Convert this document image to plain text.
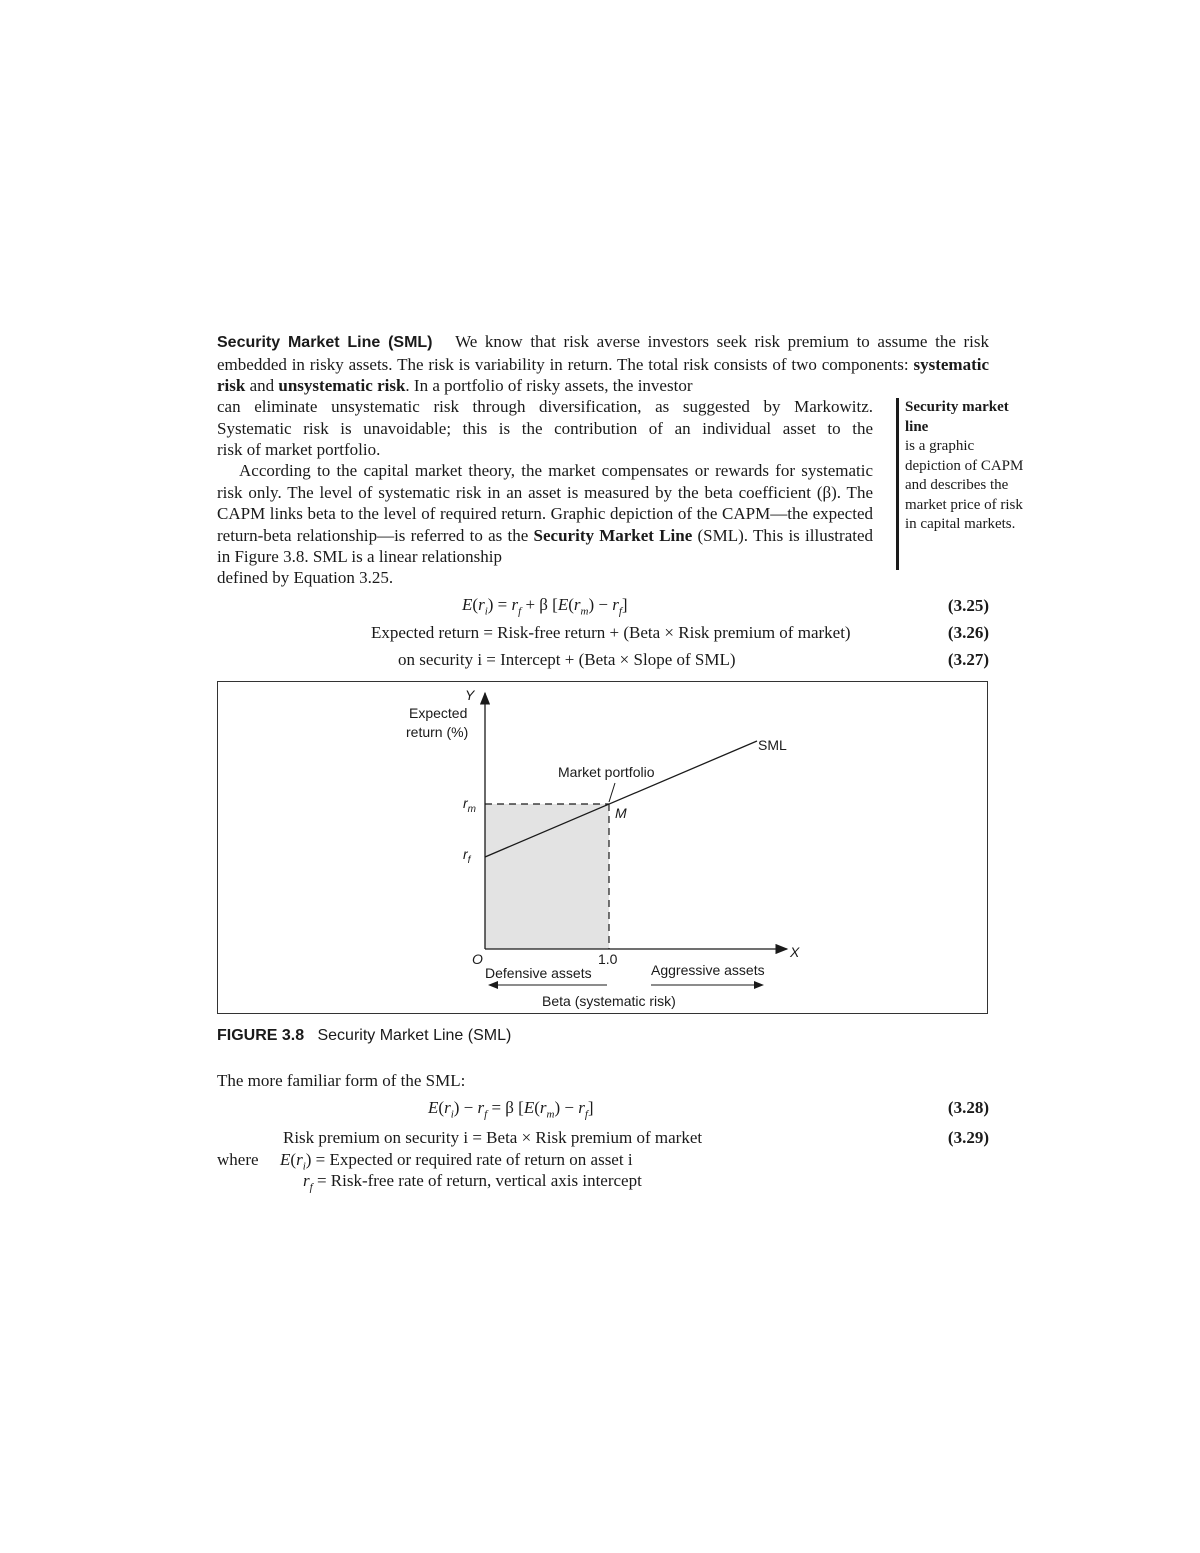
Security Market Line (SML) We know that risk averse investors seek risk premium to assume the risk embedded in risky assets. The risk is variability in return. The total risk consists of two components: systematic risk and unsystematic risk. In a portfolio of risky assets, the investor
can eliminate unsystematic risk through diversification, as suggested by Markowitz.
Systematic risk is unavoidable; this is the contribution of an individual asset to the
risk of market portfolio.
According to the capital market theory, the market compensates or rewards for systematic risk only. The level of systematic risk in an asset is measured by the beta coefficient (β). The CAPM links beta to the level of required return. Graphic depiction of the CAPM—the expected return-beta relationship—is referred to as the Security Market Line (SML). This is illustrated in Figure 3.8. SML is a linear relationship
defined by Equation 3.25.
Security market line
is a graphic depiction of CAPM and describes the market price of risk in capital markets.
$E(r_i) = r_f + \beta$ $[E(r_m) - r_f]$	(3.25)
Expected return = Risk-free return + (Beta × Risk premium of market)	(3.26)
on security i = Intercept + (Beta × Slope of SML)	(3.27)
Y
Expected
return (%)
SML
Market portfolio
M
$r_m$
$r_f$
O	X
1.0
Defensive assets	Aggressive assets
Beta (systematic risk)
FIGURE 3.8 Security Market Line (SML)
The more familiar form of the SML:
$E(r_i) - r_f = \beta$ $[E(r_m) - r_f]$	(3.28)
Risk premium on security i = Beta × Risk premium of market	(3.29)
where $E(r_i)$ = Expected or required rate of return on asset i
$r_f$ = Risk-free rate of return, vertical axis intercept
